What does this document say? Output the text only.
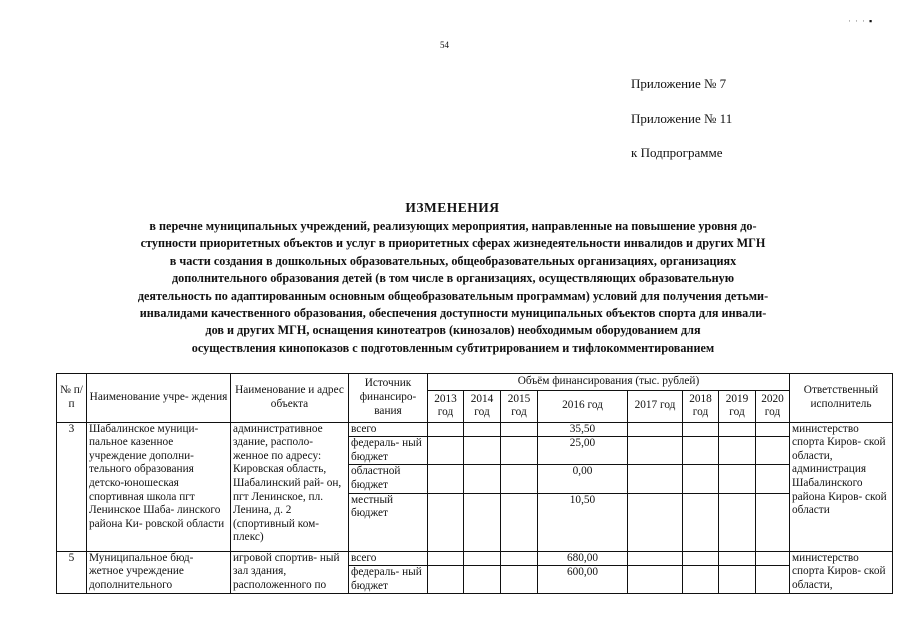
54
···▪
Приложение № 7
Приложение № 11
к Подпрограмме
ИЗМЕНЕНИЯ
в перечне муниципальных учреждений, реализующих мероприятия, направленные на повышение уровня до-
ступности приоритетных объектов и услуг в приоритетных сферах жизнедеятельности инвалидов и других МГН
в части создания в дошкольных образовательных, общеобразовательных организациях, организациях
дополнительного образования детей (в том числе в организациях, осуществляющих образовательную
деятельность по адаптированным основным общеобразовательным программам) условий для получения детьми-
инвалидами качественного образования, обеспечения доступности муниципальных объектов спорта для инвали-
дов и других МГН, оснащения кинотеатров (кинозалов) необходимым оборудованием для
осуществления кинопоказов с подготовленным субтитрированием и тифлокомментированием
№ п/п	Наименование учре- ждения	Наименование и адрес объекта	Источник финансиро- вания	Объём финансирования (тыс. рублей)								Ответственный исполнитель
				2013 год	2014 год	2015 год	2016 год	2017 год	2018 год	2019 год	2020 год	
3	Шабалинское муници- пальное казенное учреждение дополни- тельного образования детско-юношеская спортивная школа пгт Ленинское Шаба- линского района Ки- ровской области	административное здание, располо- женное по адресу: Кировская область, Шабалинский рай- он, пгт Ленинское, пл. Ленина, д. 2 (спортивный ком- плекс)	всего				35,50					министерство спорта Киров- ской области, администрация Шабалинского района Киров- ской области
			федераль- ный бюджет				25,00					
			областной бюджет				0,00					
			местный бюджет				10,50					
5	Муниципальное бюд- жетное учреждение дополнительного	игровой спортив- ный зал здания, расположенного по	всего				680,00					министерство спорта Киров- ской области,
			федераль- ный бюджет				600,00					
